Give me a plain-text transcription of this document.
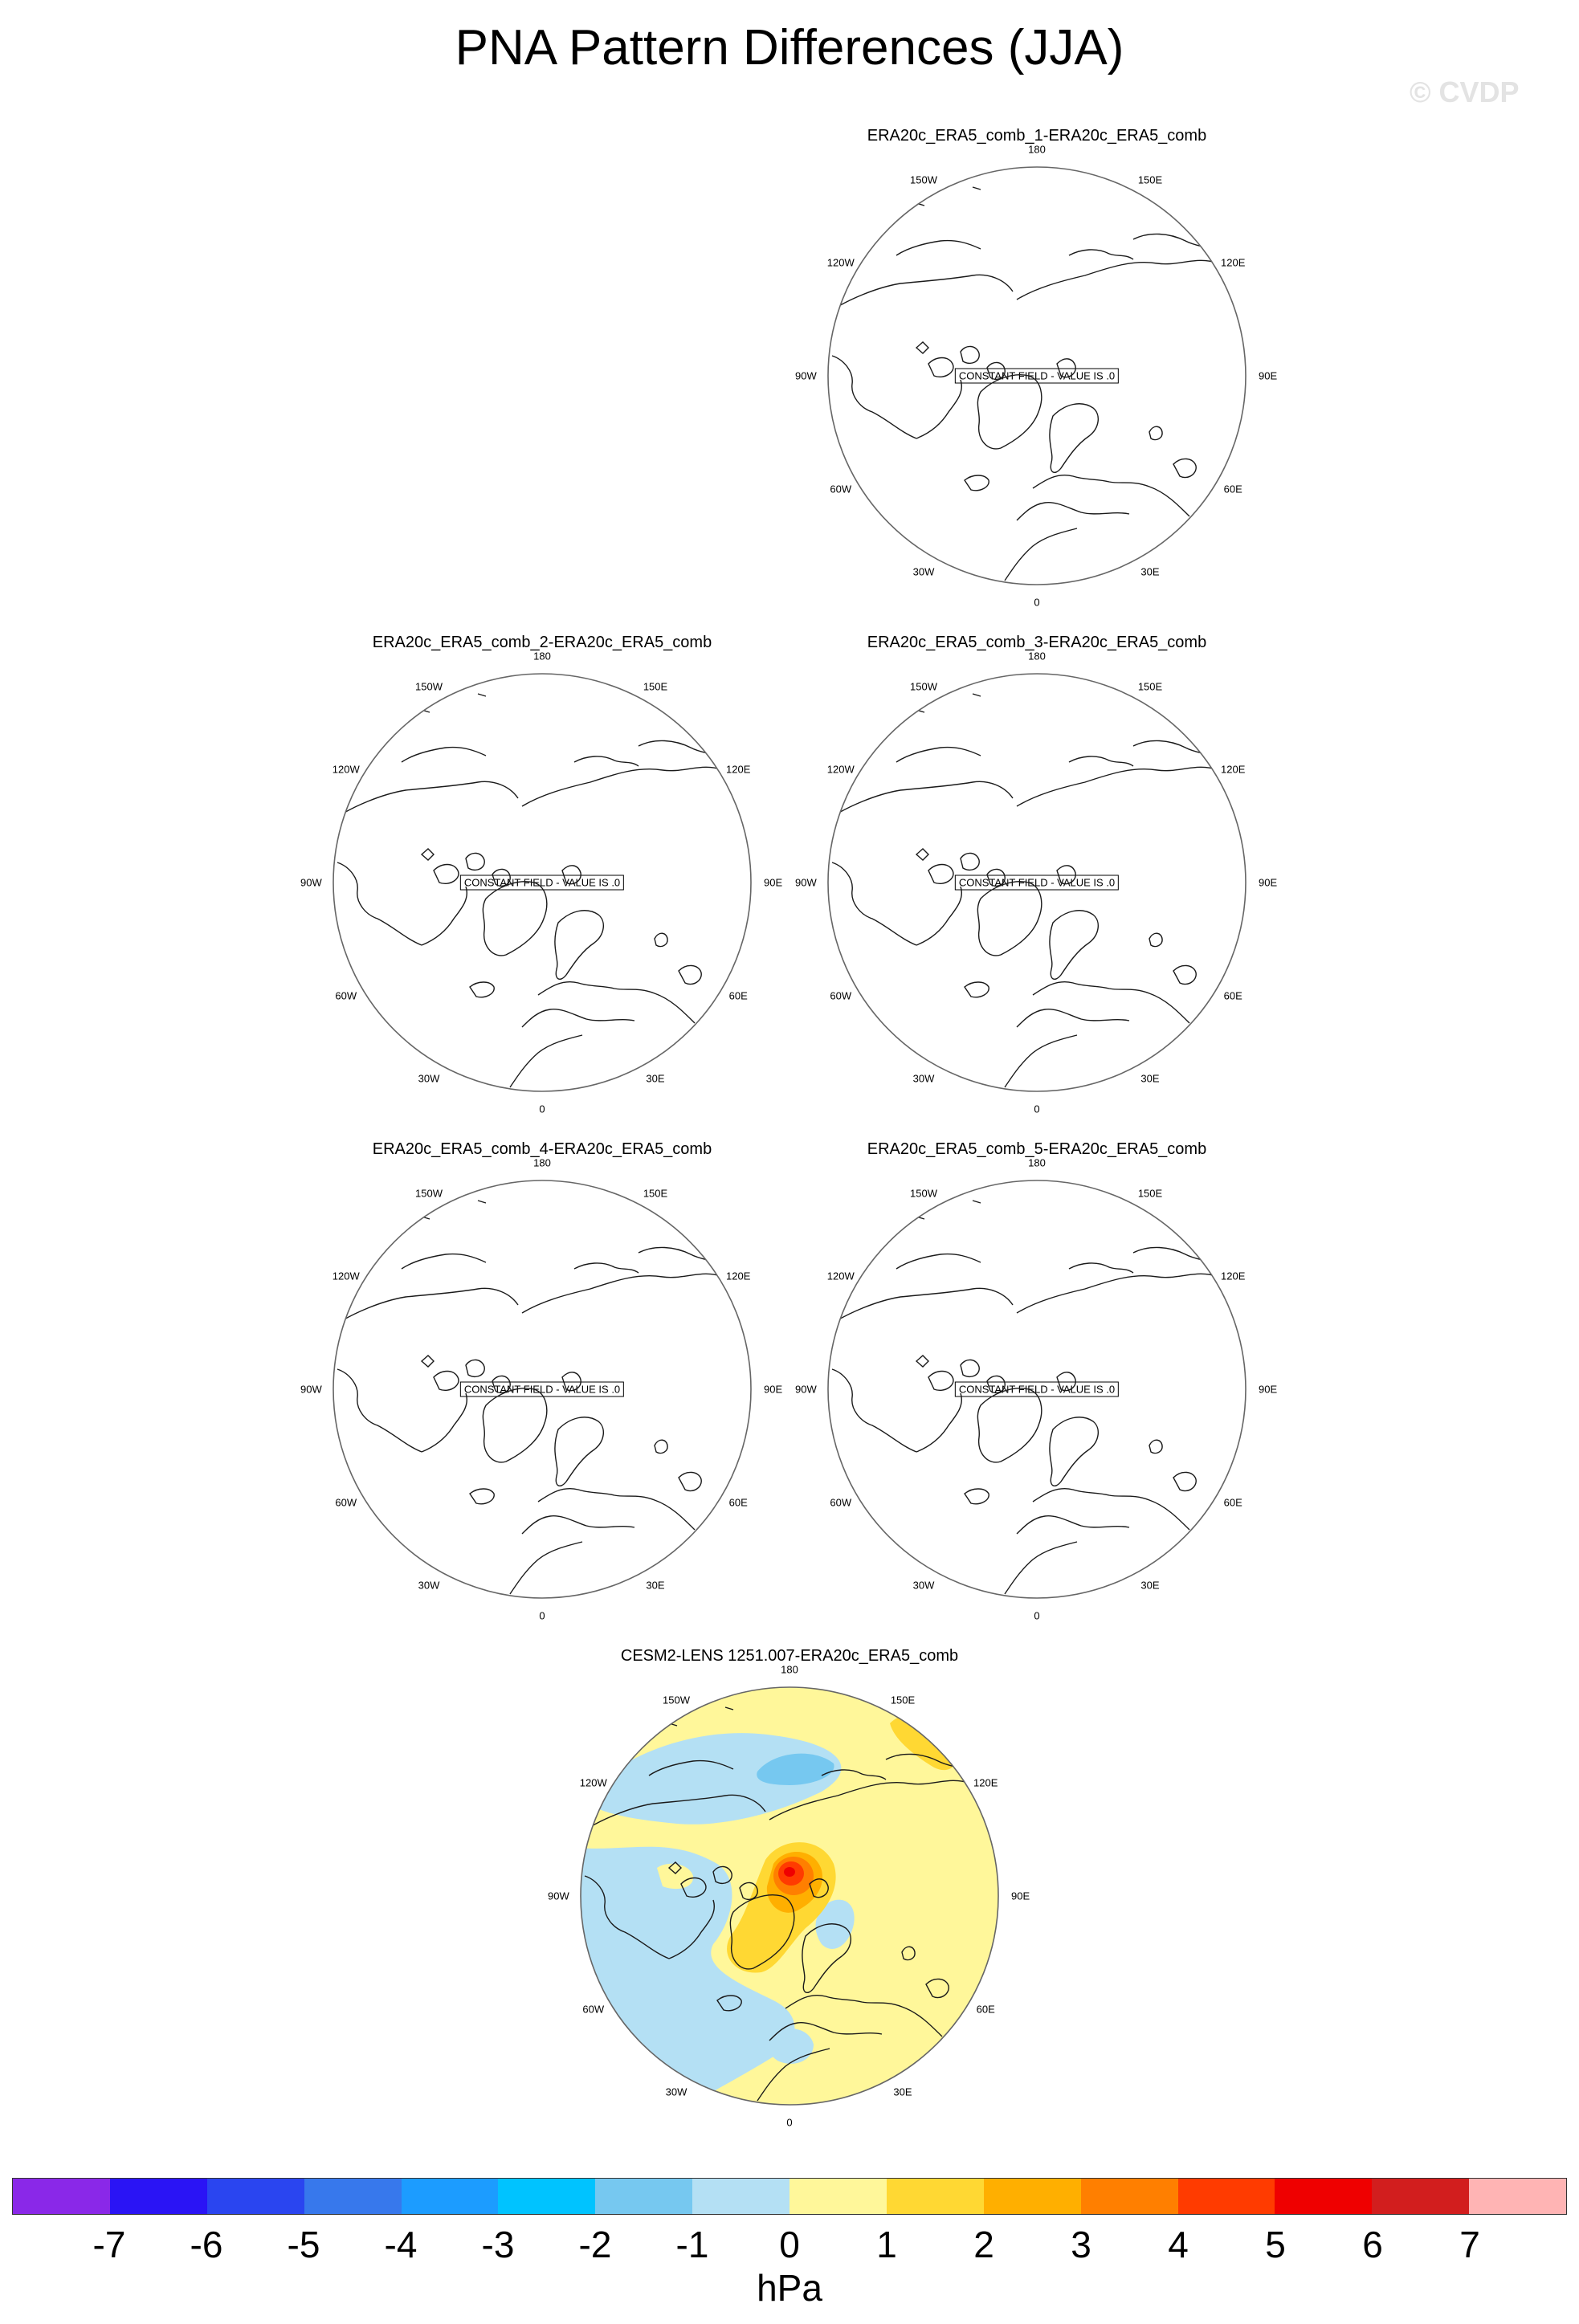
PNA Pattern Differences (JJA)
© CVDP
ERA20c_ERA5_comb_1-ERA20c_ERA5_comb
180
150E
120E
90E
60E
30E
0
30W
60W
90W
120W
150W
CONSTANT FIELD - VALUE IS .0
ERA20c_ERA5_comb_2-ERA20c_ERA5_comb
180
150E
120E
90E
60E
30E
0
30W
60W
90W
120W
150W
CONSTANT FIELD - VALUE IS .0
ERA20c_ERA5_comb_3-ERA20c_ERA5_comb
180
150E
120E
90E
60E
30E
0
30W
60W
90W
120W
150W
CONSTANT FIELD - VALUE IS .0
ERA20c_ERA5_comb_4-ERA20c_ERA5_comb
180
150E
120E
90E
60E
30E
0
30W
60W
90W
120W
150W
CONSTANT FIELD - VALUE IS .0
ERA20c_ERA5_comb_5-ERA20c_ERA5_comb
180
150E
120E
90E
60E
30E
0
30W
60W
90W
120W
150W
CONSTANT FIELD - VALUE IS .0
CESM2-LENS 1251.007-ERA20c_ERA5_comb
180
150E
120E
90E
60E
30E
0
30W
60W
90W
120W
150W
-7 -6 -5 -4 -3 -2 -1 0 1 2 3 4 5 6 7
hPa
